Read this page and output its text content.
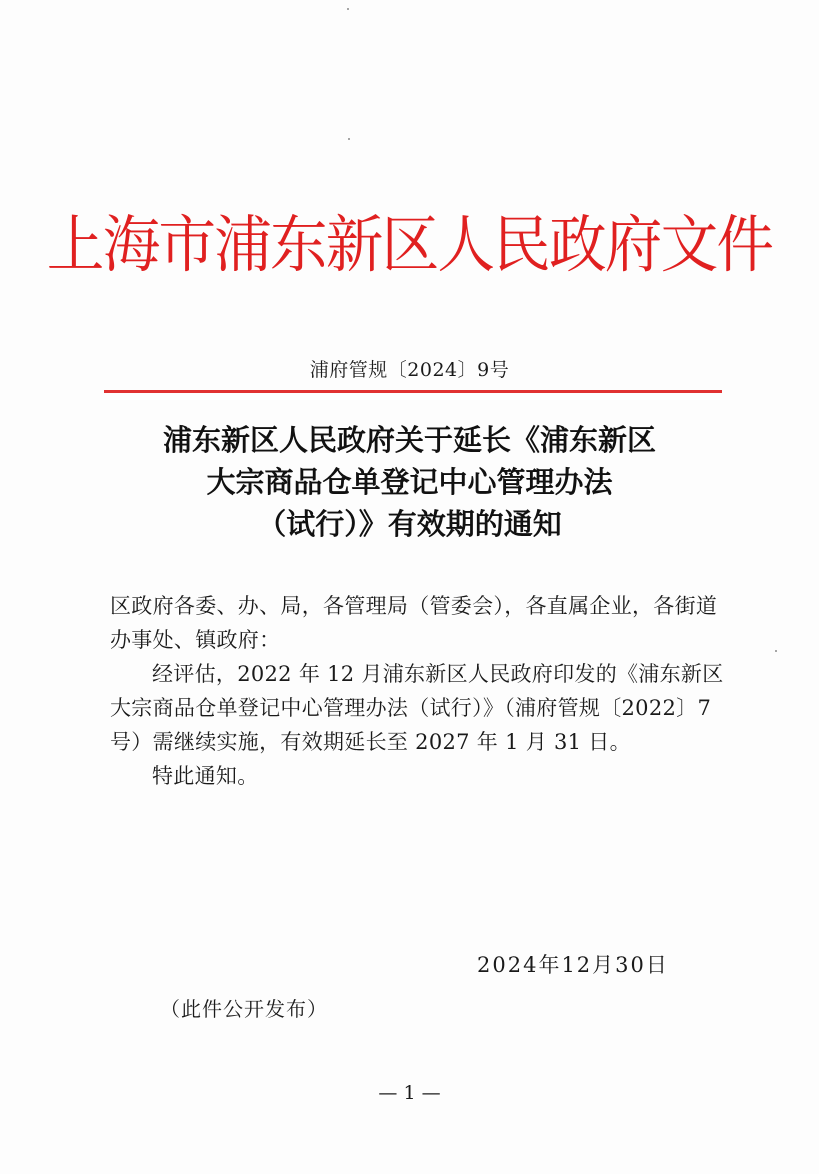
上海市浦东新区人民政府文件
浦府管规〔2024〕9号
浦东新区人民政府关于延长《浦东新区
大宗商品仓单登记中心管理办法
（试行）》有效期的通知

区政府各委、办、局，各管理局（管委会），各直属企业，各街道

办事处、镇政府：

经评估，2022 年 12 月浦东新区人民政府印发的《浦东新区

大宗商品仓单登记中心管理办法（试行）》（浦府管规〔2022〕7

号）需继续实施，有效期延长至 2027 年 1 月 31 日。

特此通知。

2024年12月30日
（此件公开发布）
— 1 —
